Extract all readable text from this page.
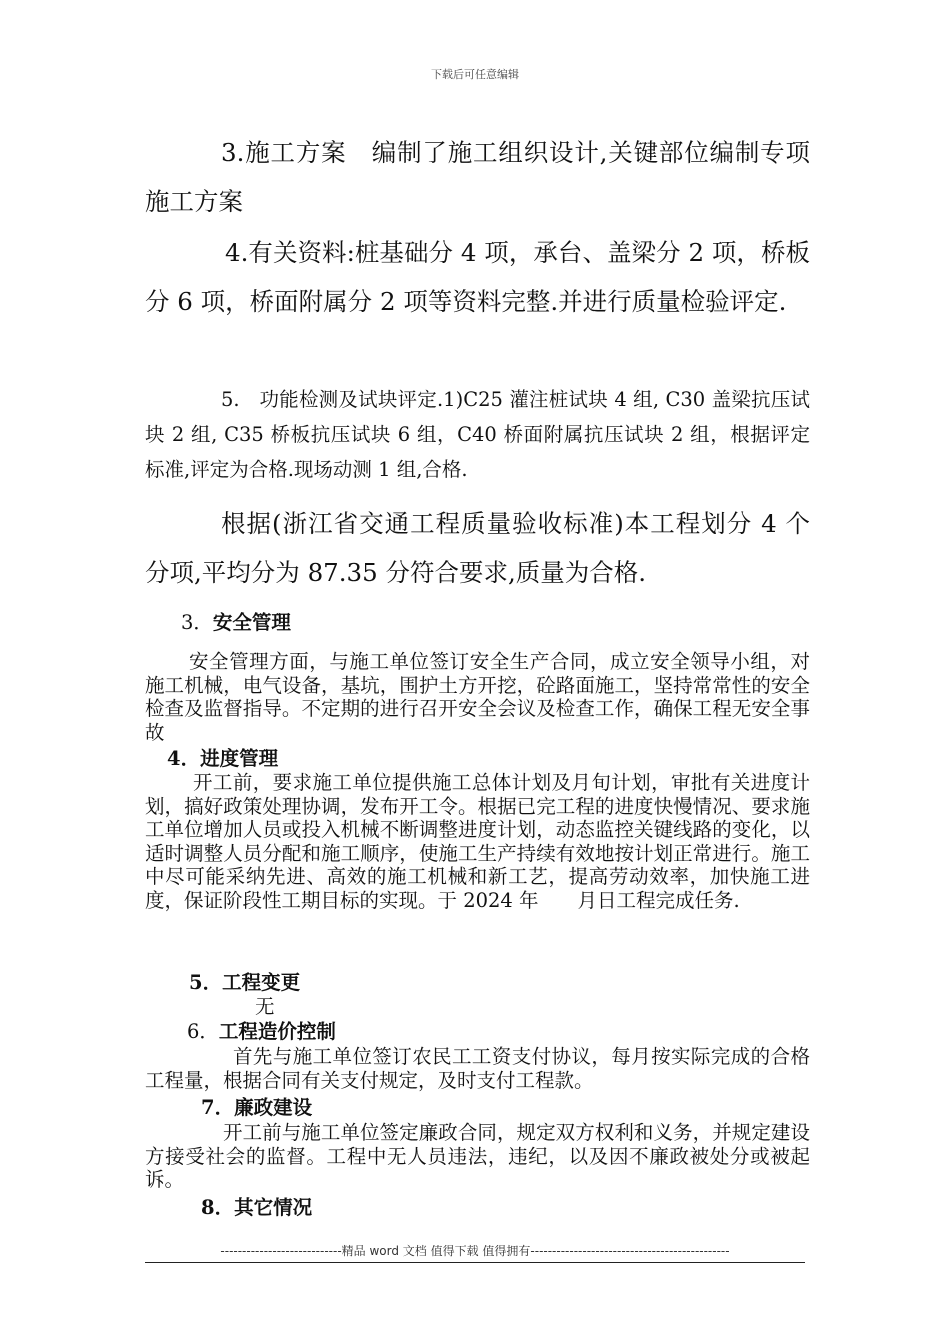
下载后可任意编辑

3.施工方案　编制了施工组织设计,关键部位编制专项施工方案

4.有关资料:桩基础分 4 项，承台、盖梁分 2 项，桥板分 6 项，桥面附属分 2 项等资料完整.并进行质量检验评定.

5.　功能检测及试块评定.1)C25 灌注桩试块 4 组, C30 盖梁抗压试块 2 组, C35 桥板抗压试块 6 组，C40 桥面附属抗压试块 2 组，根据评定标准,评定为合格.现场动测 1 组,合格.

根据(浙江省交通工程质量验收标准)本工程划分 4 个分项,平均分为 87.35 分符合要求,质量为合格.

3．安全管理

安全管理方面，与施工单位签订安全生产合同，成立安全领导小组，对施工机械，电气设备，基坑，围护土方开挖，砼路面施工，坚持常常性的安全检查及监督指导。不定期的进行召开安全会议及检查工作，确保工程无安全事故

4．进度管理

开工前，要求施工单位提供施工总体计划及月旬计划，审批有关进度计划，搞好政策处理协调，发布开工令。根据已完工程的进度快慢情况、要求施工单位增加人员或投入机械不断调整进度计划，动态监控关键线路的变化，以适时调整人员分配和施工顺序，使施工生产持续有效地按计划正常进行。施工中尽可能采纳先进、高效的施工机械和新工艺，提高劳动效率，加快施工进度，保证阶段性工期目标的实现。于 2024 年　　月日工程完成任务.

5．工程变更

无

6．工程造价控制

首先与施工单位签订农民工工资支付协议，每月按实际完成的合格工程量，根据合同有关支付规定，及时支付工程款。

7．廉政建设

开工前与施工单位签定廉政合同，规定双方权利和义务，并规定建设方接受社会的监督。工程中无人员违法，违纪，以及因不廉政被处分或被起诉。

8．其它情况

----------------------------精品 word 文档 值得下载 值得拥有----------------------------------------------
